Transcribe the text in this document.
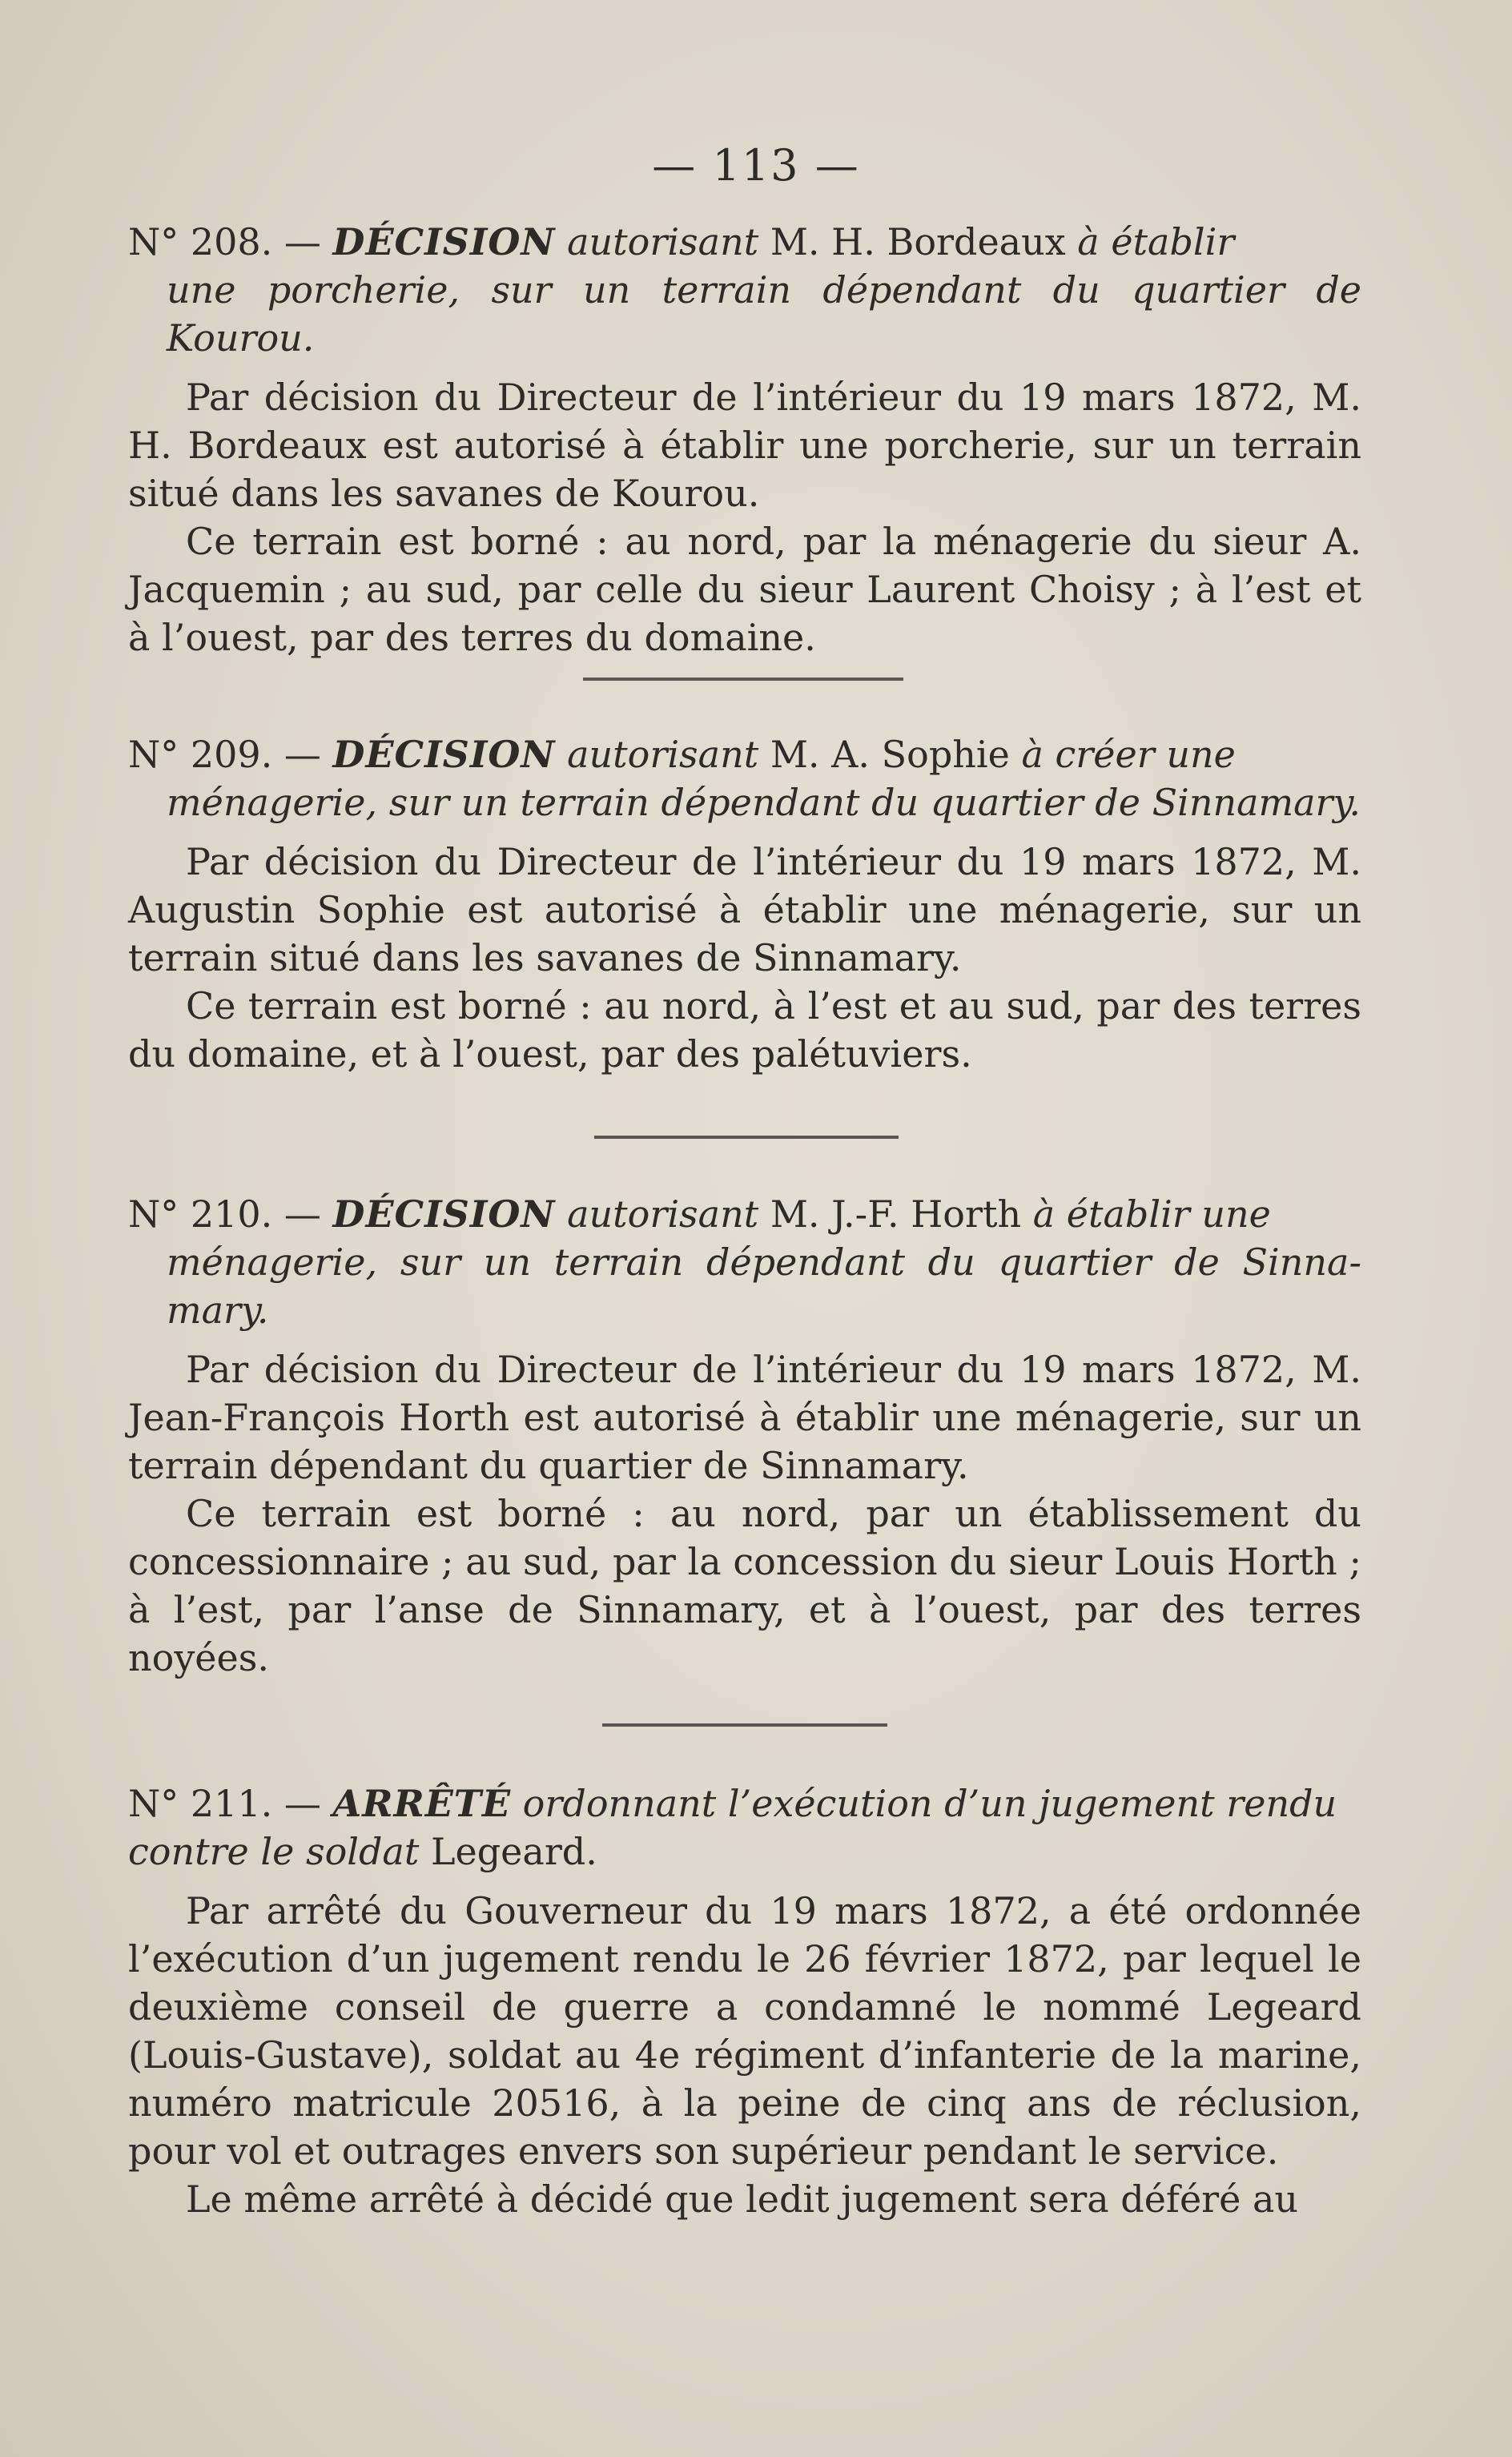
— 113 —

N° 208. — DÉCISION autorisant M. H. Bordeaux à établir
une porcherie, sur un terrain dépendant du quartier de Kourou.

Par décision du Directeur de l’intérieur du 19 mars 1872, M. H. Bordeaux est autorisé à établir une porcherie, sur un terrain situé dans les savanes de Kourou.

Ce terrain est borné : au nord, par la ménagerie du sieur A. Jacquemin ; au sud, par celle du sieur Laurent Choisy ; à l’est et à l’ouest, par des terres du domaine.

N° 209. — DÉCISION autorisant M. A. Sophie à créer une
ménagerie, sur un terrain dépendant du quartier de Sinnamary.

Par décision du Directeur de l’intérieur du 19 mars 1872, M. Augustin Sophie est autorisé à établir une ménagerie, sur un terrain situé dans les savanes de Sinnamary.

Ce terrain est borné : au nord, à l’est et au sud, par des terres du domaine, et à l’ouest, par des palétuviers.

N° 210. — DÉCISION autorisant M. J.-F. Horth à établir une
ménagerie, sur un terrain dépendant du quartier de Sinna-mary.

Par décision du Directeur de l’intérieur du 19 mars 1872, M. Jean-François Horth est autorisé à établir une ménagerie, sur un terrain dépendant du quartier de Sinnamary.

Ce terrain est borné : au nord, par un établissement du concessionnaire ; au sud, par la concession du sieur Louis Horth ; à l’est, par l’anse de Sinnamary, et à l’ouest, par des terres noyées.

N° 211. — ARRÊTÉ ordonnant l’exécution d’un jugement rendu
contre le soldat Legeard.

Par arrêté du Gouverneur du 19 mars 1872, a été ordonnée l’exécution d’un jugement rendu le 26 février 1872, par lequel le deuxième conseil de guerre a condamné le nommé Legeard (Louis-Gustave), soldat au 4e régiment d’infanterie de la marine, numéro matricule 20516, à la peine de cinq ans de réclusion, pour vol et outrages envers son supérieur pendant le service.

Le même arrêté à décidé que ledit jugement sera déféré au
